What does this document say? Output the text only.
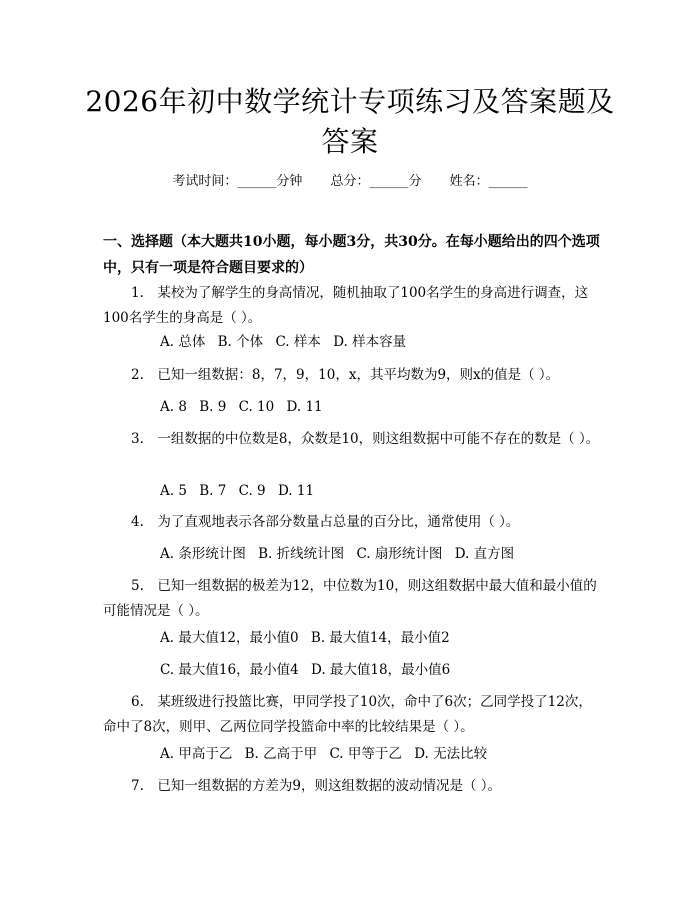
2026年初中数学统计专项练习及答案题及答案
考试时间：______分钟 总分：______分 姓名：______
一、选择题（本大题共10小题，每小题3分，共30分。在每小题给出的四个选项中，只有一项是符合题目要求的）
1.　某校为了解学生的身高情况，随机抽取了100名学生的身高进行调查，这100名学生的身高是（ ）。
A. 总体 B. 个体 C. 样本 D. 样本容量
2.　已知一组数据：8，7，9，10，x，其平均数为9，则x的值是（ ）。
A. 8 B. 9 C. 10 D. 11
3.　一组数据的中位数是8，众数是10，则这组数据中可能不存在的数是（ ）。
A. 5 B. 7 C. 9 D. 11
4.　为了直观地表示各部分数量占总量的百分比，通常使用（ ）。
A. 条形统计图 B. 折线统计图 C. 扇形统计图 D. 直方图
5.　已知一组数据的极差为12，中位数为10，则这组数据中最大值和最小值的可能情况是（ ）。
A. 最大值12，最小值0 B. 最大值14，最小值2
C. 最大值16，最小值4 D. 最大值18，最小值6
6.　某班级进行投篮比赛，甲同学投了10次，命中了6次；乙同学投了12次，命中了8次，则甲、乙两位同学投篮命中率的比较结果是（ ）。
A. 甲高于乙 B. 乙高于甲 C. 甲等于乙 D. 无法比较
7.　已知一组数据的方差为9，则这组数据的波动情况是（ ）。
